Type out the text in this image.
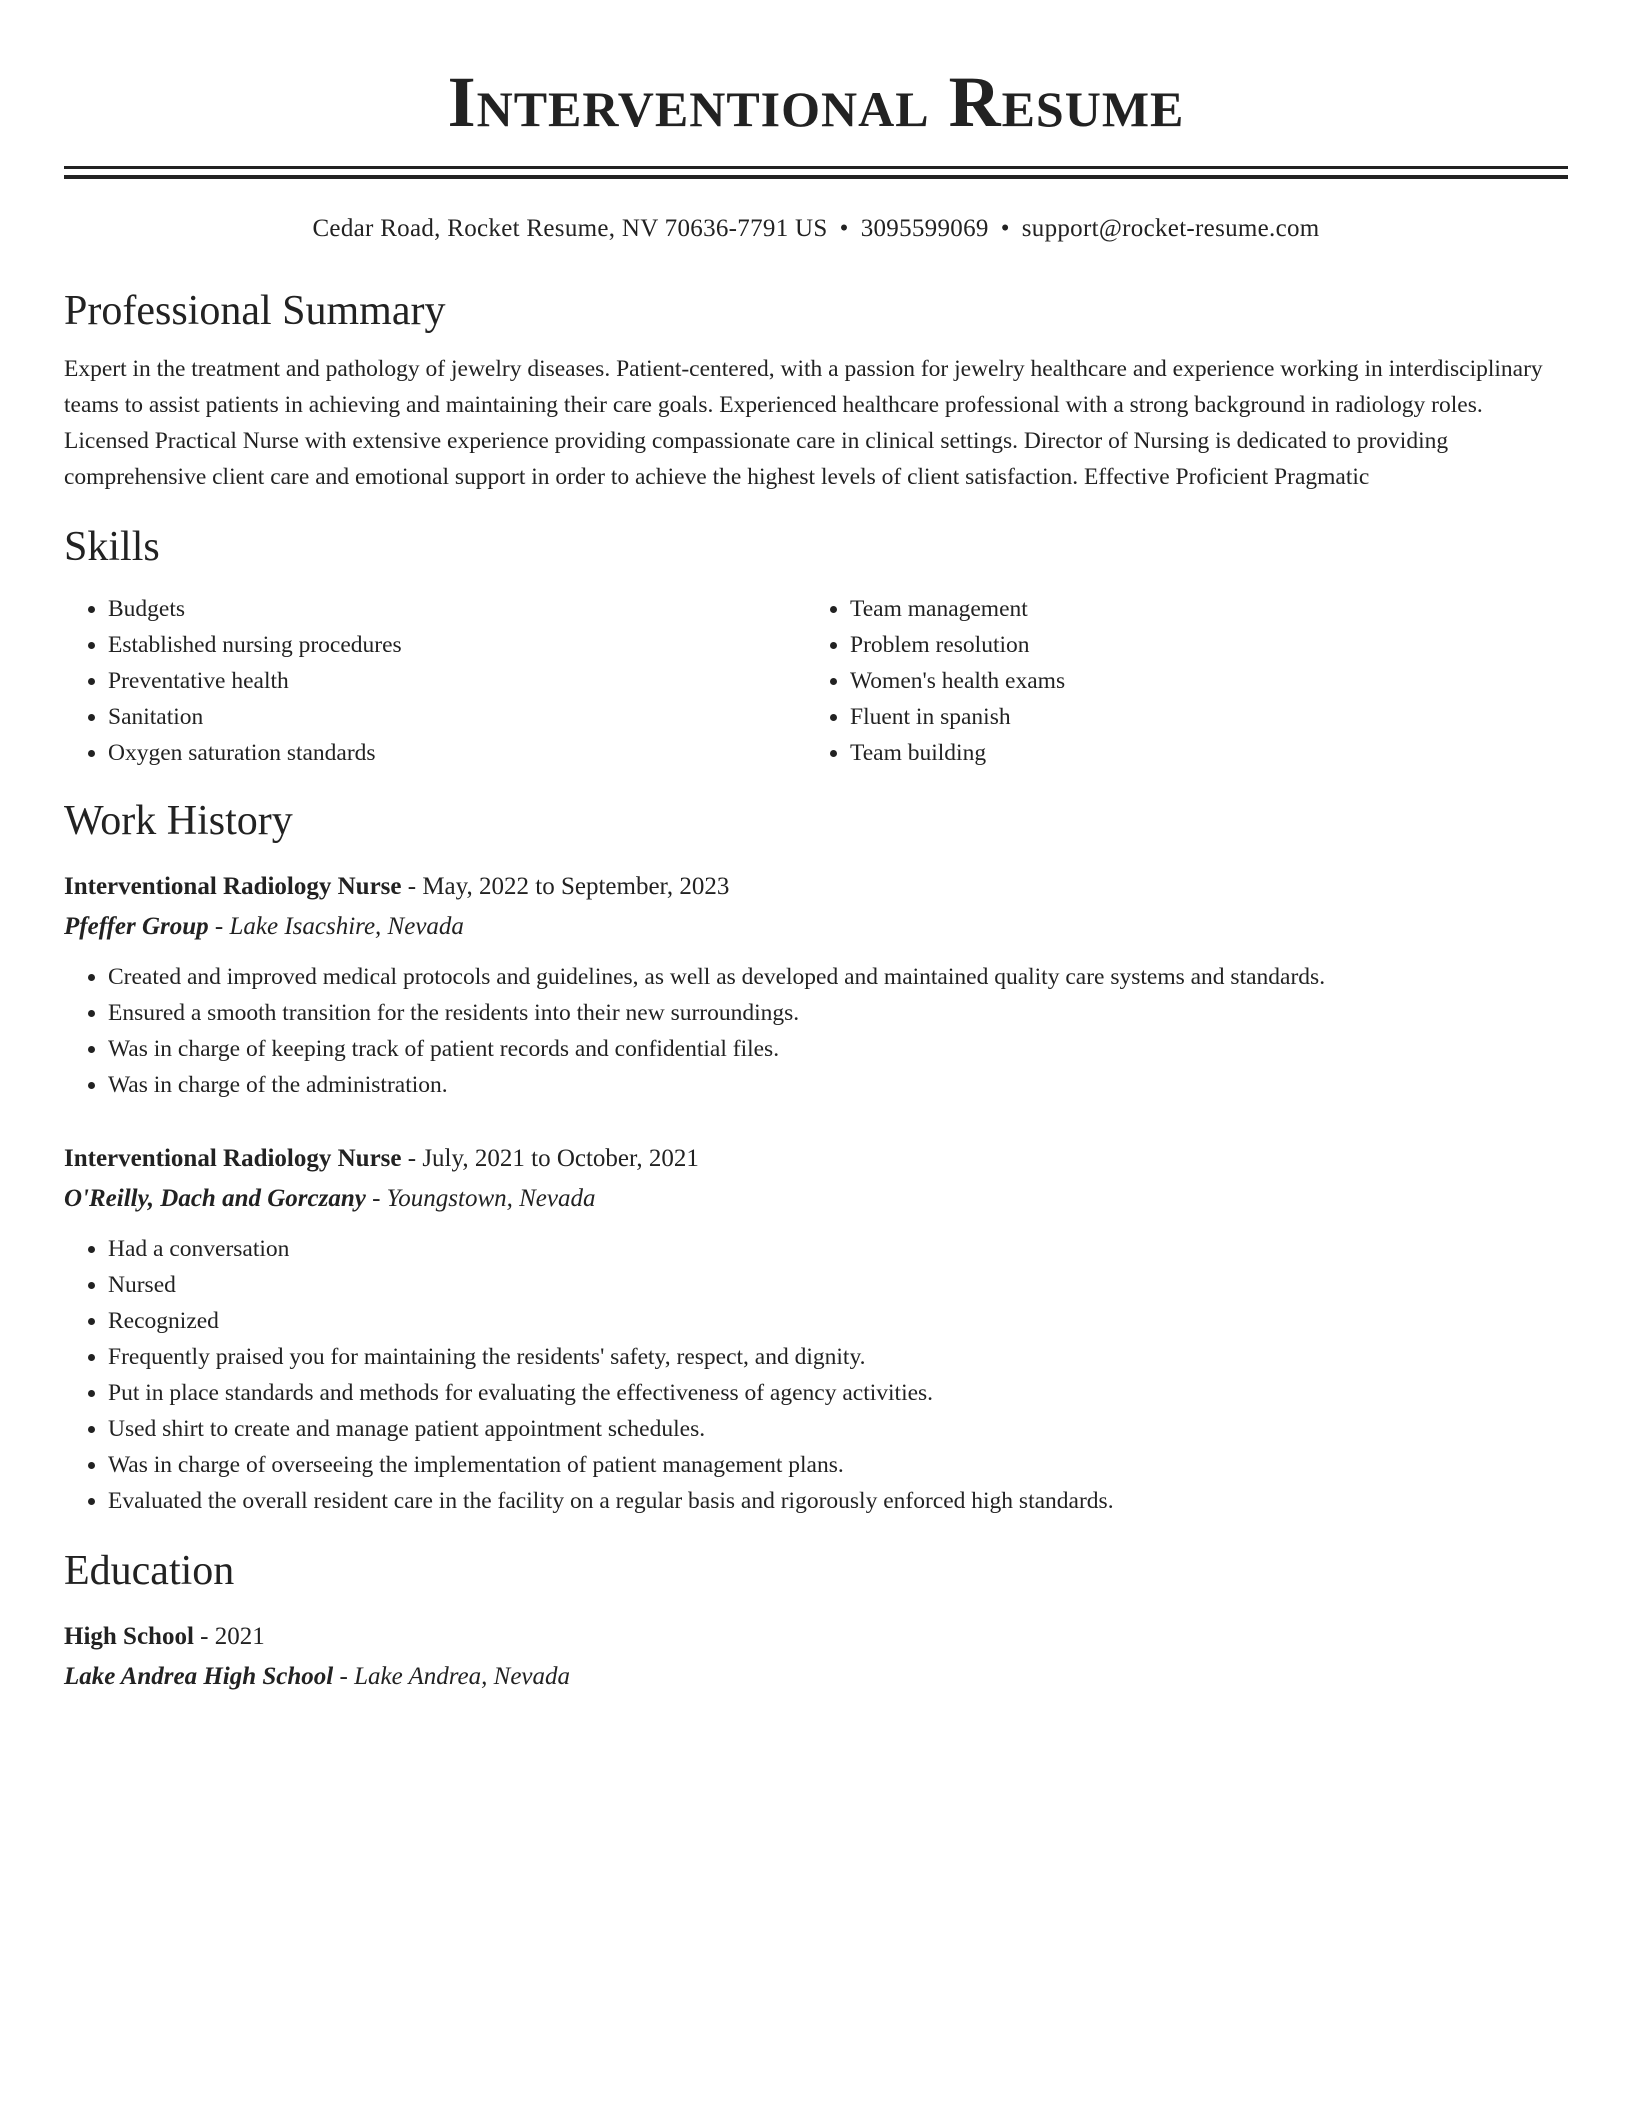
Interventional Resume
Cedar Road, Rocket Resume, NV 70636-7791 US • 3095599069 • support@rocket-resume.com
Professional Summary
Expert in the treatment and pathology of jewelry diseases. Patient-centered, with a passion for jewelry healthcare and experience working in interdisciplinary teams to assist patients in achieving and maintaining their care goals. Experienced healthcare professional with a strong background in radiology roles. Licensed Practical Nurse with extensive experience providing compassionate care in clinical settings. Director of Nursing is dedicated to providing comprehensive client care and emotional support in order to achieve the highest levels of client satisfaction. Effective Proficient Pragmatic
Skills
• Budgets
• Established nursing procedures
• Preventative health
• Sanitation
• Oxygen saturation standards
• Team management
• Problem resolution
• Women's health exams
• Fluent in spanish
• Team building
Work History
Interventional Radiology Nurse - May, 2022 to September, 2023
Pfeffer Group - Lake Isacshire, Nevada
• Created and improved medical protocols and guidelines, as well as developed and maintained quality care systems and standards.
• Ensured a smooth transition for the residents into their new surroundings.
• Was in charge of keeping track of patient records and confidential files.
• Was in charge of the administration.
Interventional Radiology Nurse - July, 2021 to October, 2021
O'Reilly, Dach and Gorczany - Youngstown, Nevada
• Had a conversation
• Nursed
• Recognized
• Frequently praised you for maintaining the residents' safety, respect, and dignity.
• Put in place standards and methods for evaluating the effectiveness of agency activities.
• Used shirt to create and manage patient appointment schedules.
• Was in charge of overseeing the implementation of patient management plans.
• Evaluated the overall resident care in the facility on a regular basis and rigorously enforced high standards.
Education
High School - 2021
Lake Andrea High School - Lake Andrea, Nevada
